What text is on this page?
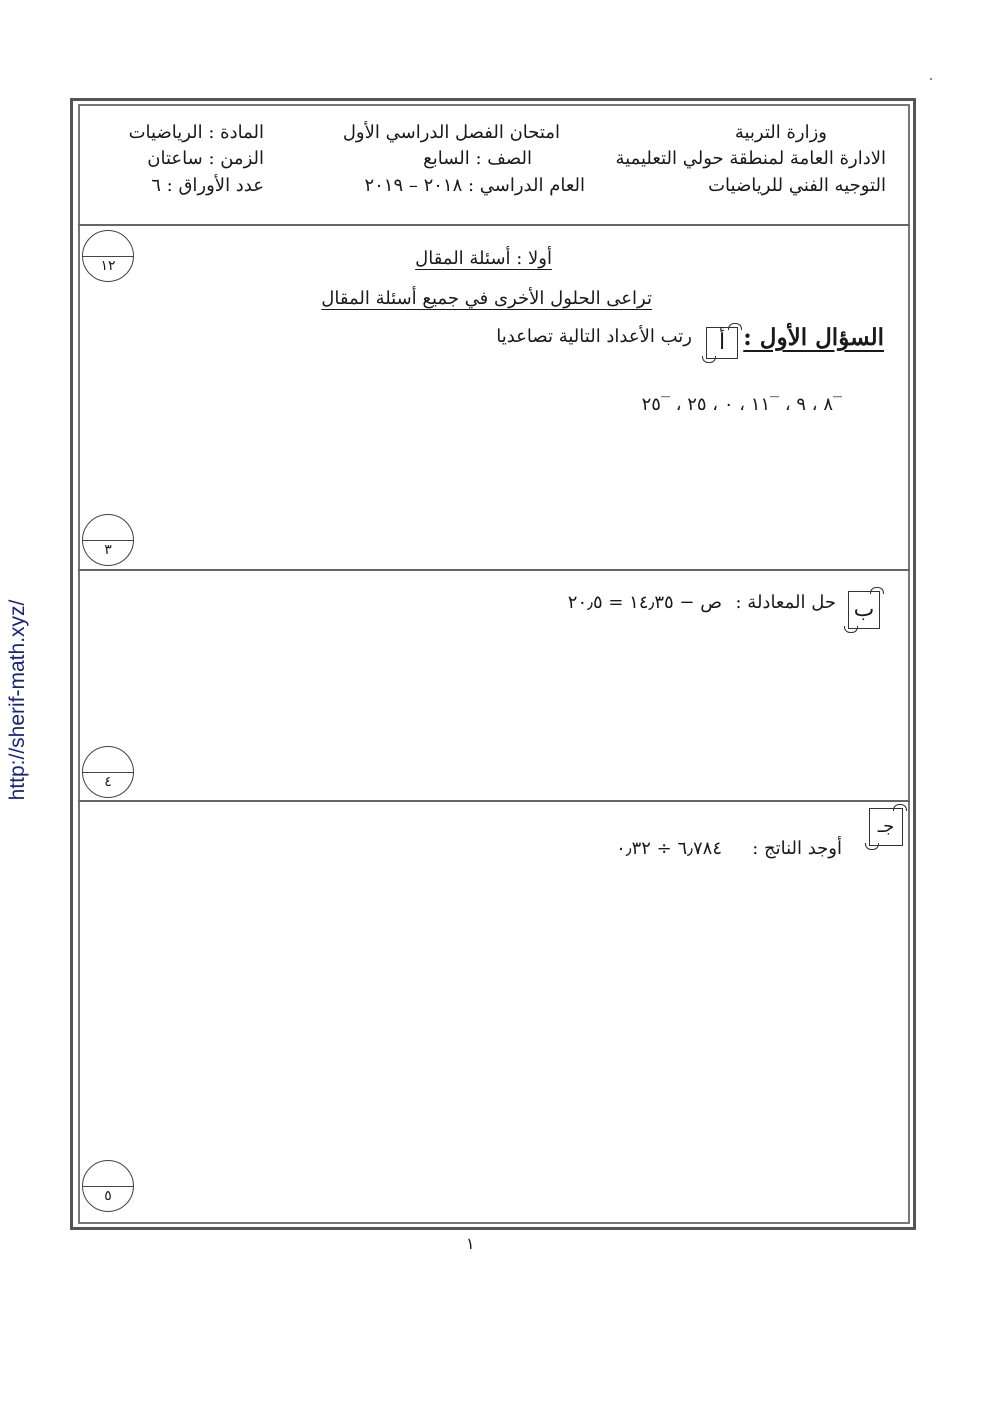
http://sherif-math.xyz/
وزارة التربية
الادارة العامة لمنطقة حولي التعليمية
التوجيه الفني للرياضيات
امتحان الفصل الدراسي الأول
الصف : السابع
العام الدراسي : ٢٠١٨ – ٢٠١٩
المادة : الرياضيات
الزمن : ساعتان
عدد الأوراق : ٦
١٢	أولا : أسئلة المقال
تراعى الحلول الأخرى في جميع أسئلة المقال
السؤال الأول :
أ
رتب الأعداد التالية تصاعديا
‾٨ ، ٩ ، ‾١١ ، ٠ ، ٢٥ ، ‾٢٥
٣
ب
حل المعادلة :
ص − ١٤٫٣٥ = ٢٠٫٥
٤
جـ
أوجد الناتج :
٦٫٧٨٤ ÷ ٠٫٣٢
٥
١
